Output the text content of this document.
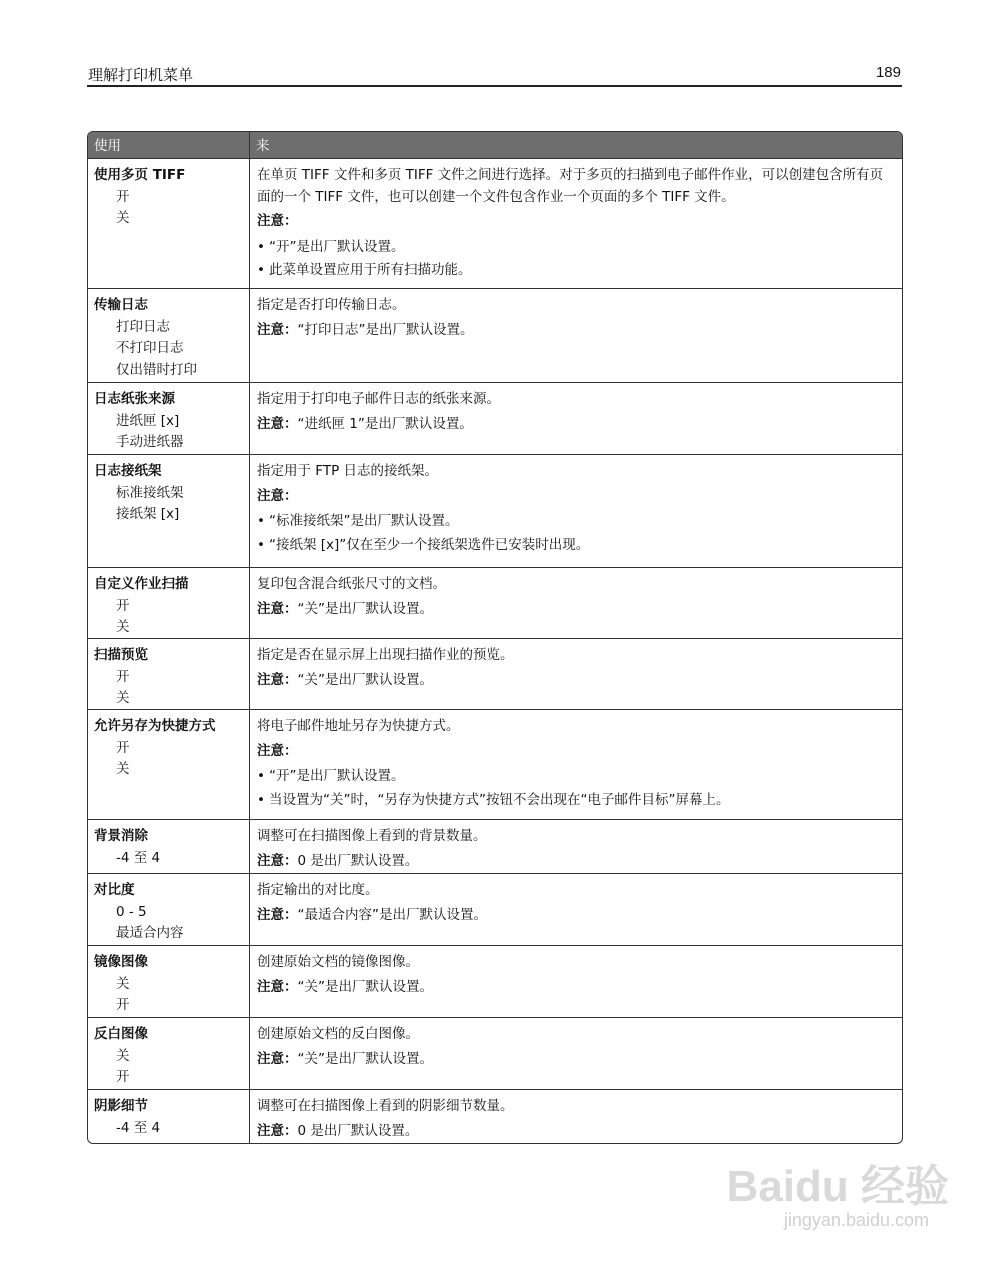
理解打印机菜单	189
使用	来
使用多页 TIFF
开
关
在单页 TIFF 文件和多页 TIFF 文件之间进行选择。对于多页的扫描到电子邮件作业，可以创建包含所有页面的一个 TIFF 文件，也可以创建一个文件包含作业一个页面的多个 TIFF 文件。
注意：
• “开”是出厂默认设置。
• 此菜单设置应用于所有扫描功能。
传输日志
打印日志
不打印日志
仅出错时打印
指定是否打印传输日志。
注意：“打印日志”是出厂默认设置。
日志纸张来源
进纸匣 [x]
手动进纸器
指定用于打印电子邮件日志的纸张来源。
注意：“进纸匣 1”是出厂默认设置。
日志接纸架
标准接纸架
接纸架 [x]
指定用于 FTP 日志的接纸架。
注意：
• “标准接纸架”是出厂默认设置。
• “接纸架 [x]”仅在至少一个接纸架选件已安装时出现。
自定义作业扫描
开
关
复印包含混合纸张尺寸的文档。
注意：“关”是出厂默认设置。
扫描预览
开
关
指定是否在显示屏上出现扫描作业的预览。
注意：“关”是出厂默认设置。
允许另存为快捷方式
开
关
将电子邮件地址另存为快捷方式。
注意：
• “开”是出厂默认设置。
• 当设置为“关”时，“另存为快捷方式”按钮不会出现在“电子邮件目标”屏幕上。
背景消除
-4 至 4
调整可在扫描图像上看到的背景数量。
注意：0 是出厂默认设置。
对比度
0 - 5
最适合内容
指定输出的对比度。
注意：“最适合内容”是出厂默认设置。
镜像图像
关
开
创建原始文档的镜像图像。
注意：“关”是出厂默认设置。
反白图像
关
开
创建原始文档的反白图像。
注意：“关”是出厂默认设置。
阴影细节
-4 至 4
调整可在扫描图像上看到的阴影细节数量。
注意：0 是出厂默认设置。
Baidu 经验
jingyan.baidu.com
